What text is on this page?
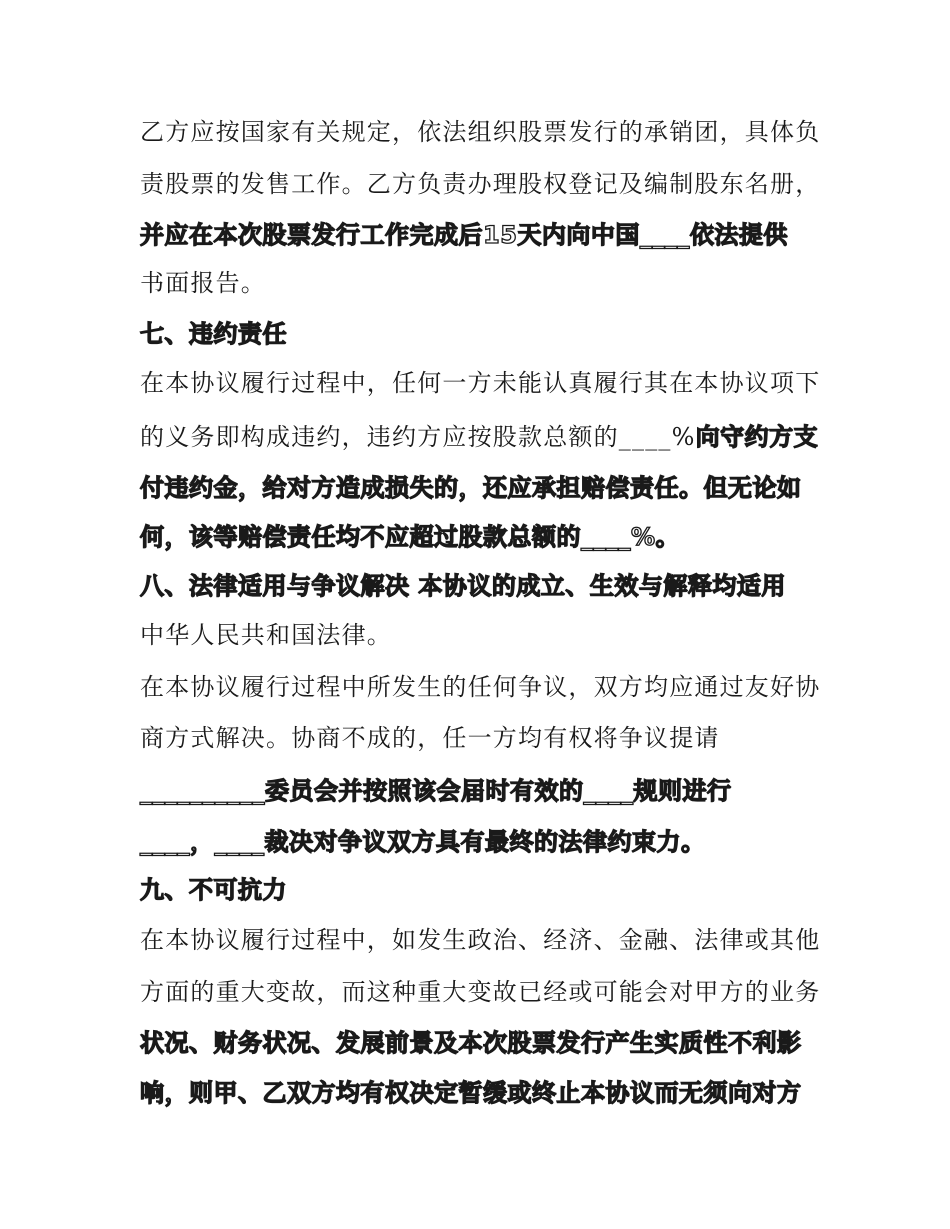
乙方应按国家有关规定，依法组织股票发行的承销团，具体负
责股票的发售工作。乙方负责办理股权登记及编制股东名册，
并应在本次股票发行工作完成后15天内向中国____依法提供
书面报告。
七、违约责任
在本协议履行过程中，任何一方未能认真履行其在本协议项下
的义务即构成违约，违约方应按股款总额的____%向守约方支
付违约金，给对方造成损失的，还应承担赔偿责任。但无论如
何，该等赔偿责任均不应超过股款总额的____%。
八、法律适用与争议解决 本协议的成立、生效与解释均适用
中华人民共和国法律。
在本协议履行过程中所发生的任何争议，双方均应通过友好协
商方式解决。协商不成的，任一方均有权将争议提请
__________委员会并按照该会届时有效的____规则进行
____，____裁决对争议双方具有最终的法律约束力。
九、不可抗力
在本协议履行过程中，如发生政治、经济、金融、法律或其他
方面的重大变故，而这种重大变故已经或可能会对甲方的业务
状况、财务状况、发展前景及本次股票发行产生实质性不利影
响，则甲、乙双方均有权决定暂缓或终止本协议而无须向对方
